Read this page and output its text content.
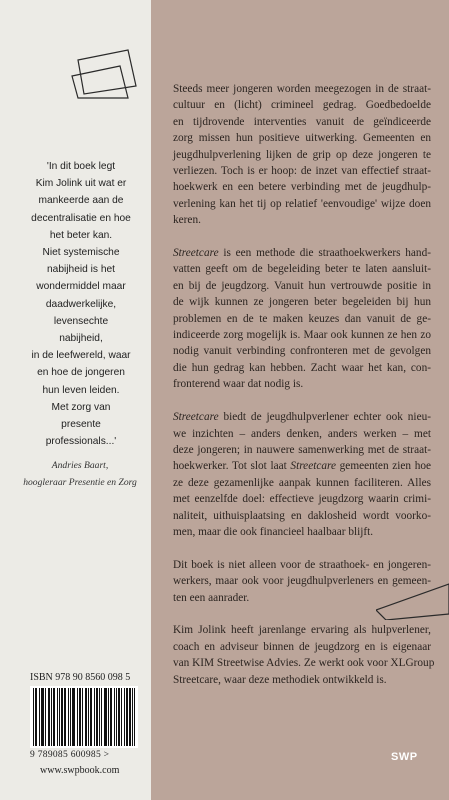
'In dit boek legt
Kim Jolink uit wat er
mankeerde aan de
decentralisatie en hoe
het beter kan.
Niet systemische
nabijheid is het
wondermiddel maar
daadwerkelijke,
levensechte
nabijheid,
in de leefwereld, waar
en hoe de jongeren
hun leven leiden.
Met zorg van
presente
professionals...'
Andries Baart,
hoogleraar Presentie en Zorg
ISBN 978 90 8560 098 5
9 789085 600985 >
www.swpbook.com
Steeds meer jongeren worden meegezogen in de straat-
cultuur en (licht) crimineel gedrag. Goedbedoelde
en tijdrovende interventies vanuit de geïndiceerde
zorg missen hun positieve uitwerking. Gemeenten en
jeugdhulpverlening lijken de grip op deze jongeren te
verliezen. Toch is er hoop: de inzet van effectief straat-
hoekwerk en een betere verbinding met de jeugdhulp-
verlening kan het tij op relatief 'eenvoudige' wijze doen
keren.
Streetcare is een methode die straathoekwerkers hand-
vatten geeft om de begeleiding beter te laten aansluit-
en bij de jeugdzorg. Vanuit hun vertrouwde positie in
de wijk kunnen ze jongeren beter begeleiden bij hun
problemen en de te maken keuzes dan vanuit de ge-
indiceerde zorg mogelijk is. Maar ook kunnen ze hen zo
nodig vanuit verbinding confronteren met de gevolgen
die hun gedrag kan hebben. Zacht waar het kan, con-
fronterend waar dat nodig is.
Streetcare biedt de jeugdhulpverlener echter ook nieu-
we inzichten – anders denken, anders werken – met
deze jongeren; in nauwere samenwerking met de straat-
hoekwerker. Tot slot laat Streetcare gemeenten zien hoe
ze deze gezamenlijke aanpak kunnen faciliteren. Alles
met eenzelfde doel: effectieve jeugdzorg waarin crimi-
naliteit, uithuisplaatsing en daklosheid wordt voorko-
men, maar die ook financieel haalbaar blijft.
Dit boek is niet alleen voor de straathoek- en jongeren-
werkers, maar ook voor jeugdhulpverleners en gemeen-
ten een aanrader.
Kim Jolink heeft jarenlange ervaring als hulpverlener,
coach en adviseur binnen de jeugdzorg en is eigenaar
van KIM Streetwise Advies. Ze werkt ook voor XLGroup
Streetcare, waar deze methodiek ontwikkeld is.
SWP
